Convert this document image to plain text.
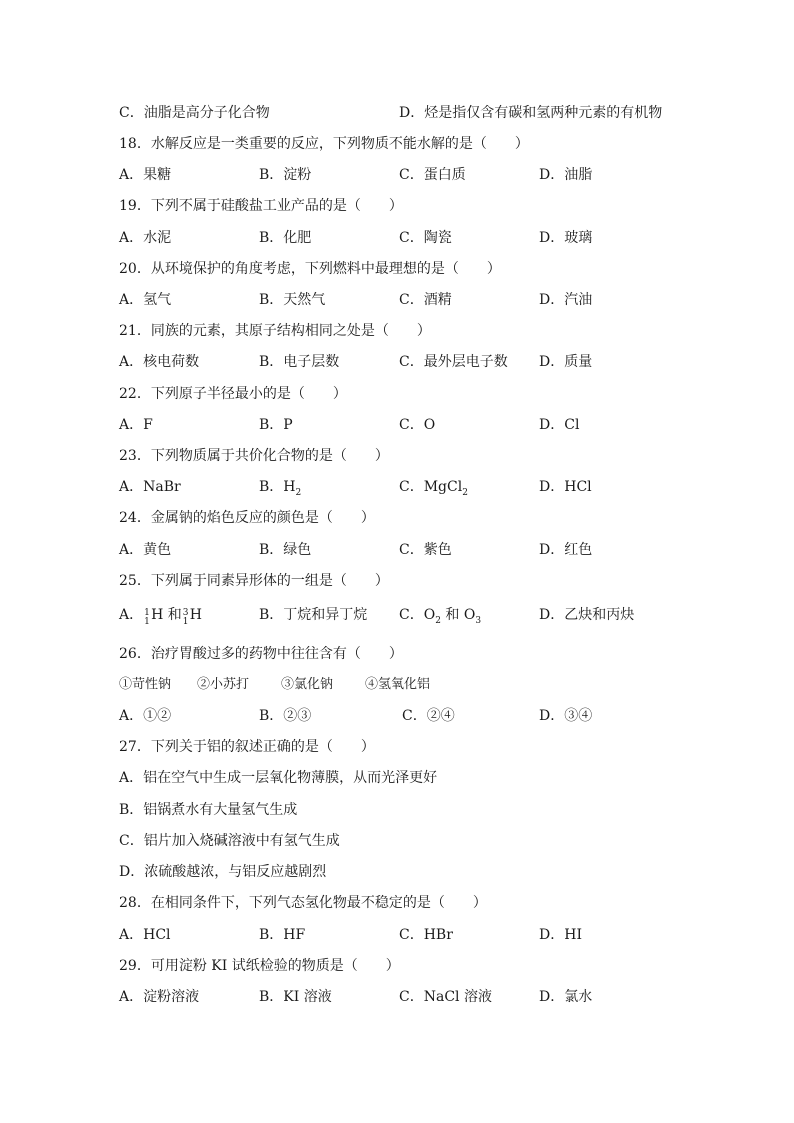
C．油脂是高分子化合物	D．烃是指仅含有碳和氢两种元素的有机物
18．水解反应是一类重要的反应，下列物质不能水解的是（　　）
A．果糖	B．淀粉	C．蛋白质	D．油脂
19．下列不属于硅酸盐工业产品的是（　　）
A．水泥	B．化肥	C．陶瓷	D．玻璃
20．从环境保护的角度考虑，下列燃料中最理想的是（　　）
A．氢气	B．天然气	C．酒精	D．汽油
21．同族的元素，其原子结构相同之处是（　　）
A．核电荷数	B．电子层数	C．最外层电子数 D．质量
22．下列原子半径最小的是（　　）
A．F	B．P	C．O	D．Cl
23．下列物质属于共价化合物的是（　　）
A．NaBr	B．$H_2$	C．MgCl$_2$	D．HCl
24．金属钠的焰色反应的颜色是（　　）
A．黄色	B．绿色	C．紫色	D．红色
25．下列属于同素异形体的一组是（　　）
A． 1
1 H 和 3
1 H	B．丁烷和异丁烷 C．$O_2$ 和 $O_3$	D．乙炔和丙炔
26．治疗胃酸过多的药物中往往含有（　　）
①苛性钠 ②小苏打 ③氯化钠 ④氢氧化铝
A．①②	B．②③	C．②④	D．③④
27．下列关于铝的叙述正确的是（　　）
A．铝在空气中生成一层氧化物薄膜，从而光泽更好
B．铝锅煮水有大量氢气生成
C．铝片加入烧碱溶液中有氢气生成
D．浓硫酸越浓，与铝反应越剧烈
28．在相同条件下，下列气态氢化物最不稳定的是（　　）
A．HCl	B．HF	C．HBr	D．HI
29．可用淀粉 KI 试纸检验的物质是（　　）
A．淀粉溶液	B．KI 溶液	C．NaCl 溶液	D．氯水
